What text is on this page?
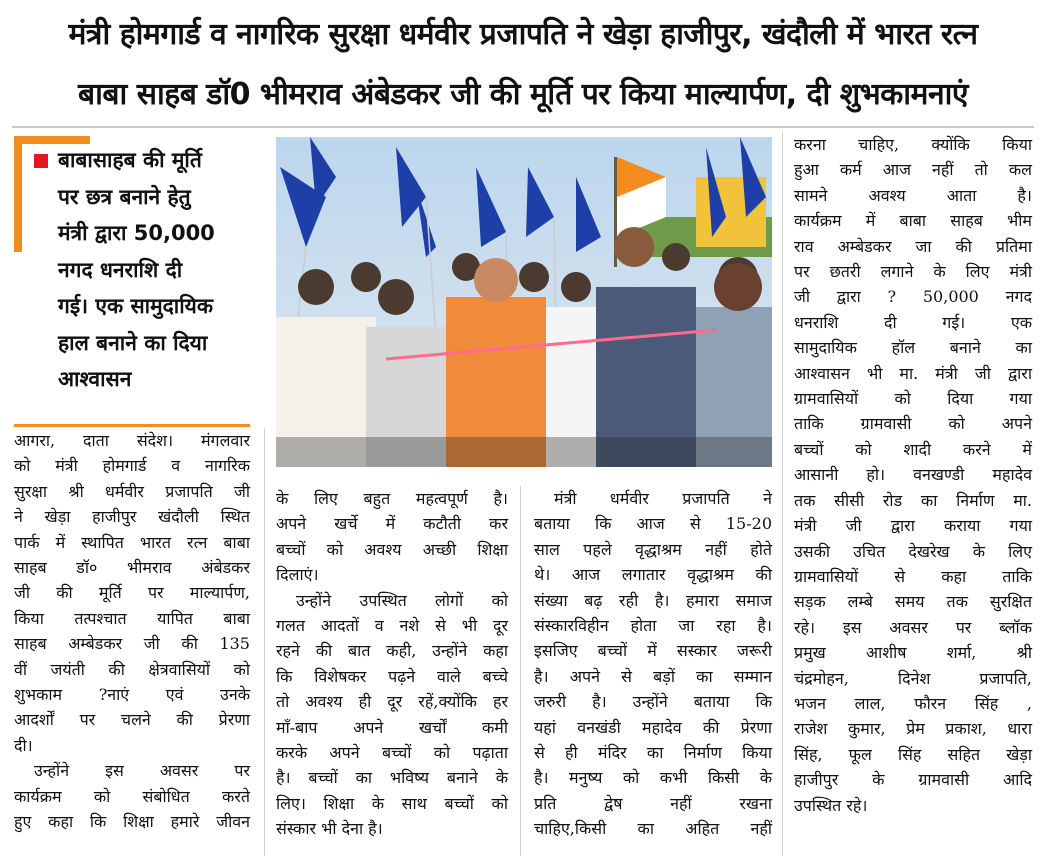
मंत्री होमगार्ड व नागरिक सुरक्षा धर्मवीर प्रजापति ने खेड़ा हाजीपुर, खंदौली में भारत रत्न
बाबा साहब डॉ0 भीमराव अंबेडकर जी की मूर्ति पर किया माल्यार्पण, दी शुभकामनाएं
बाबासाहब की मूर्ति
पर छत्र बनाने हेतु
मंत्री द्वारा 50,000
नगद धनराशि दी
गई। एक सामुदायिक
हाल बनाने का दिया
आश्वासन

आगरा, दाता संदेश। मंगलवार

को मंत्री होमगार्ड व नागरिक

सुरक्षा श्री धर्मवीर प्रजापति जी

ने खेड़ा हाजीपुर खंदौली स्थित

पार्क में स्थापित भारत रत्न बाबा

साहब डॉ० भीमराव अंबेडकर

जी की मूर्ति पर माल्यार्पण,

किया तत्पश्चात यापित बाबा

साहब अम्बेडकर जी की 135

वीं जयंती की क्षेत्रवासियों को

शुभकाम ?नाएं एवं उनके

आदर्शों पर चलने की प्रेरणा

दी।

उन्होंने इस अवसर पर

कार्यक्रम को संबोधित करते

हुए कहा कि शिक्षा हमारे जीवन

के लिए बहुत महत्वपूर्ण है।

अपने खर्चे में कटौती कर

बच्चों को अवश्य अच्छी शिक्षा

दिलाएं।

उन्होंने उपस्थित लोगों को

गलत आदतों व नशे से भी दूर

रहने की बात कही, उन्होंने कहा

कि विशेषकर पढ़ने वाले बच्चे

तो अवश्य ही दूर रहें,क्योंकि हर

माँ-बाप अपने खर्चों कमी

करके अपने बच्चों को पढ़ाता

है। बच्चों का भविष्य बनाने के

लिए। शिक्षा के साथ बच्चों को

संस्कार भी देना है।

मंत्री धर्मवीर प्रजापति ने

बताया कि आज से 15-20

साल पहले वृद्धाश्रम नहीं होते

थे। आज लगातार वृद्धाश्रम की

संख्या बढ़ रही है। हमारा समाज

संस्कारविहीन होता जा रहा है।

इसजिए बच्चों में सस्कार जरूरी

है। अपने से बड़ों का सम्मान

जरुरी है। उन्होंने बताया कि

यहां वनखंडी महादेव की प्रेरणा

से ही मंदिर का निर्माण किया

है। मनुष्य को कभी किसी के

प्रति द्वेष नहीं रखना

चाहिए,किसी का अहित नहीं

करना चाहिए, क्योंकि किया

हुआ कर्म आज नहीं तो कल

सामने अवश्य आता है।

कार्यक्रम में बाबा साहब भीम

राव अम्बेडकर जा की प्रतिमा

पर छतरी लगाने के लिए मंत्री

जी द्वारा ? 50,000 नगद

धनराशि दी गई। एक

सामुदायिक हॉल बनाने का

आश्वासन भी मा. मंत्री जी द्वारा

ग्रामवासियों को दिया गया

ताकि ग्रामवासी को अपने

बच्चों को शादी करने में

आसानी हो। वनखण्डी महादेव

तक सीसी रोड का निर्माण मा.

मंत्री जी द्वारा कराया गया

उसकी उचित देखरेख के लिए

ग्रामवासियों से कहा ताकि

सड़क लम्बे समय तक सुरक्षित

रहे। इस अवसर पर ब्लॉक

प्रमुख आशीष शर्मा, श्री

चंद्रमोहन, दिनेश प्रजापति,

भजन लाल, फौरन सिंह ,

राजेश कुमार, प्रेम प्रकाश, धारा

सिंह, फूल सिंह सहित खेड़ा

हाजीपुर के ग्रामवासी आदि

उपस्थित रहे।
